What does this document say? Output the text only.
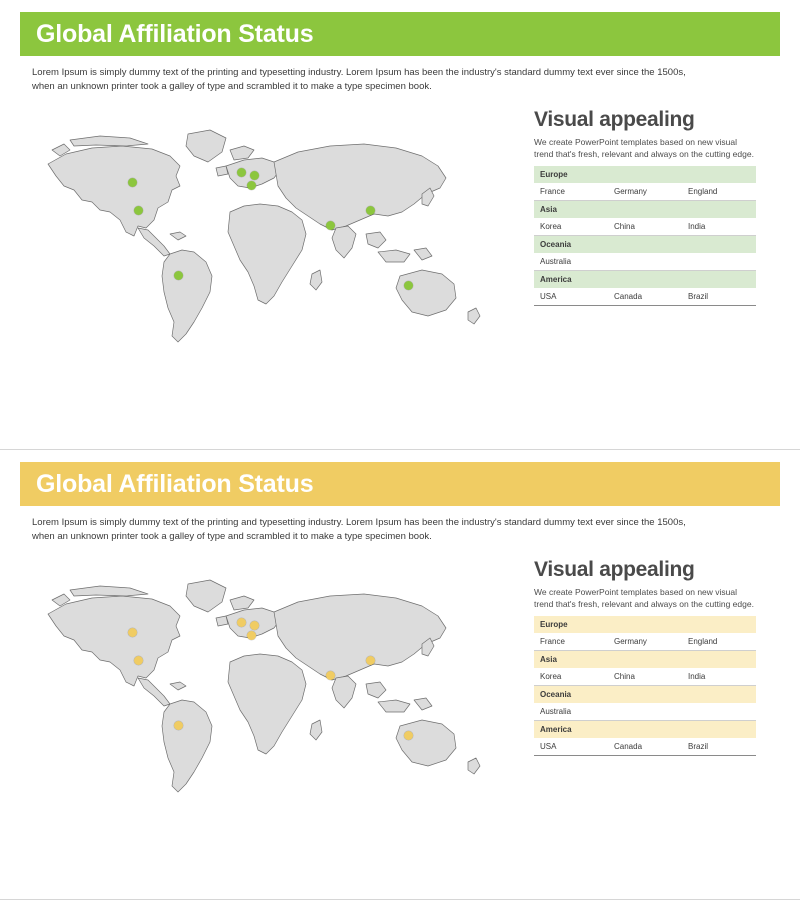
Global Affiliation Status
Lorem Ipsum is simply dummy text of the printing and typesetting industry. Lorem Ipsum has been the industry's standard dummy text ever since the 1500s, when an unknown printer took a galley of type and scrambled it to make a type specimen book.
Visual appealing

We create PowerPoint templates based on new visual trend that's fresh, relevant and always on the cutting edge.

Europe		
France	Germany	England
Asia		
Korea	China	India
Oceania		
Australia		
America		
USA	Canada	Brazil
Global Affiliation Status
Lorem Ipsum is simply dummy text of the printing and typesetting industry. Lorem Ipsum has been the industry's standard dummy text ever since the 1500s, when an unknown printer took a galley of type and scrambled it to make a type specimen book.
Visual appealing

We create PowerPoint templates based on new visual trend that's fresh, relevant and always on the cutting edge.

Europe		
France	Germany	England
Asia		
Korea	China	India
Oceania		
Australia		
America		
USA	Canada	Brazil
